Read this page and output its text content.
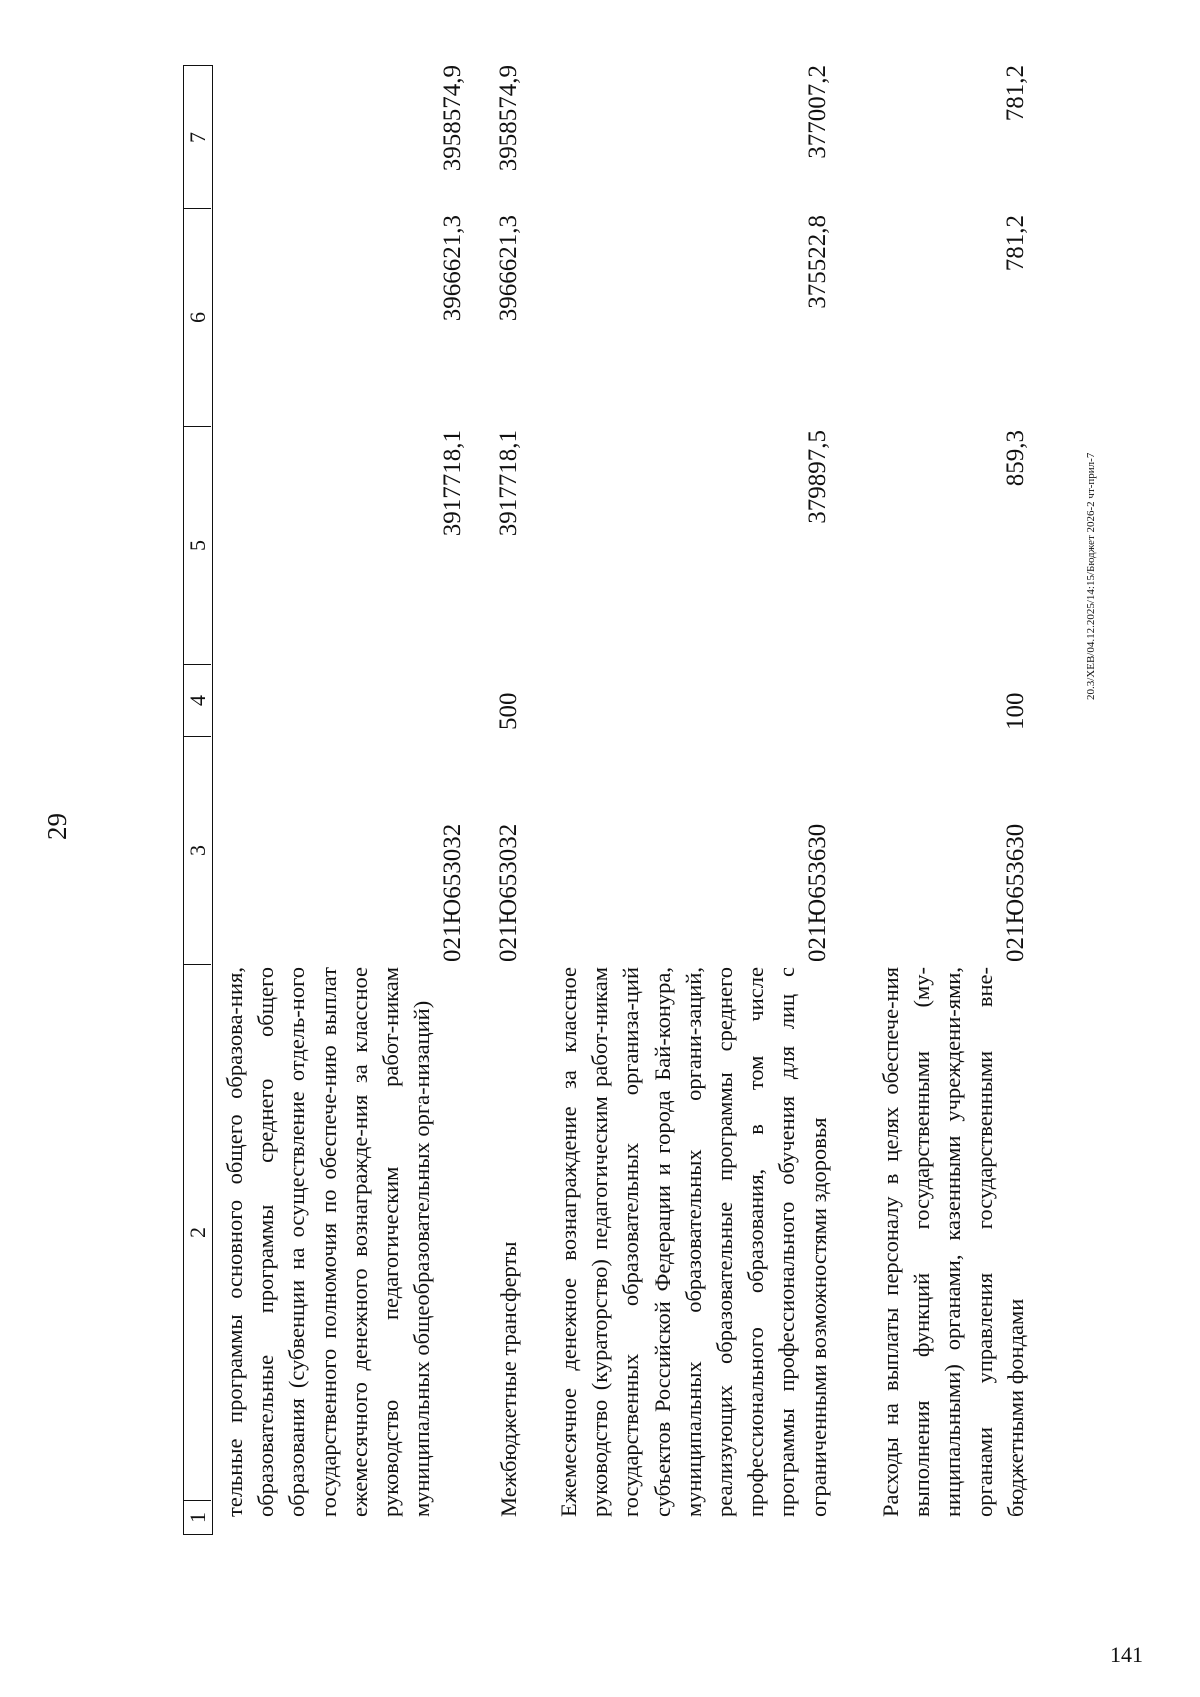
29
1
2
3
4
5
6
7
тельные программы основного общего образова-ния, образовательные программы среднего общего образования (субвенции на осуществление отдель-ного государственного полномочия по обеспече-нию выплат ежемесячного денежного вознагражде-ния за классное руководство педагогическим работ-никам муниципальных общеобразовательных орга-низаций)
021Ю653032
3917718,1
3966621,3
3958574,9
Межбюджетные трансферты
021Ю653032
500
3917718,1
3966621,3
3958574,9
Ежемесячное денежное вознаграждение за классное руководство (кураторство) педагогическим работ-никам государственных образовательных организа-ций субъектов Российской Федерации и города Бай-конура, муниципальных образовательных органи-заций, реализующих образовательные программы среднего профессионального образования, в том числе программы профессионального обучения для лиц с ограниченными возможностями здоровья
021Ю653630
379897,5
375522,8
377007,2
Расходы на выплаты персоналу в целях обеспече-ния выполнения функций государственными (му-ниципальными) органами, казенными учреждени-ями, органами управления государственными вне-бюджетными фондами
021Ю653630
100
859,3
781,2
781,2
20.3/XEB/04.12.2025/14:15/Бюджет 2026-2 чт-прил-7
141
